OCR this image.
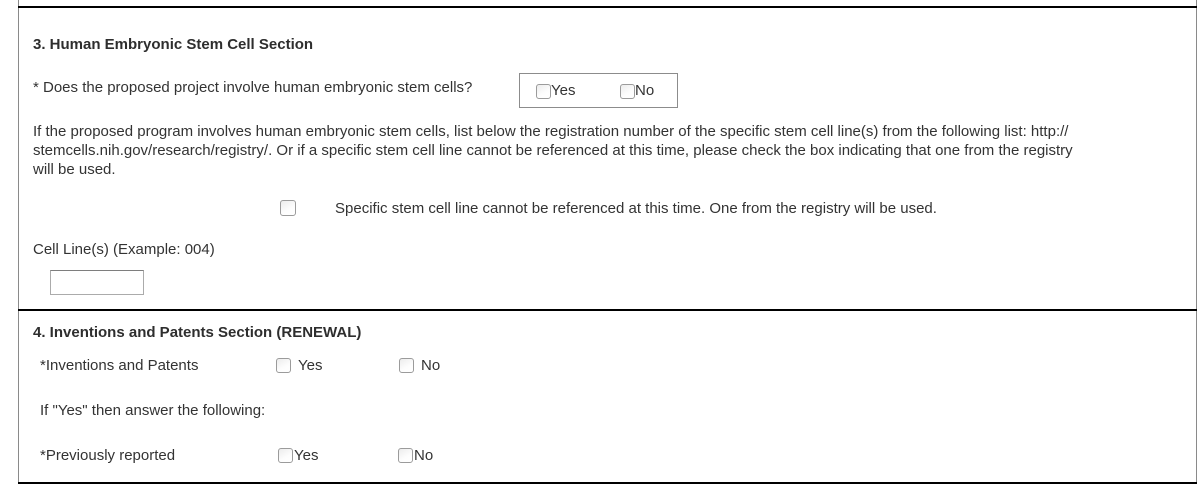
3. Human Embryonic Stem Cell Section
* Does the proposed project involve human embryonic stem cells?	Yes	No
If the proposed program involves human embryonic stem cells, list below the registration number of the specific stem cell line(s) from the following list: http://
stemcells.nih.gov/research/registry/. Or if a specific stem cell line cannot be referenced at this time, please check the box indicating that one from the registry
will be used.
Specific stem cell line cannot be referenced at this time. One from the registry will be used.
Cell Line(s) (Example: 004)
4. Inventions and Patents Section (RENEWAL)
*Inventions and Patents	Yes	No
If "Yes" then answer the following:
*Previously reported	Yes	No
